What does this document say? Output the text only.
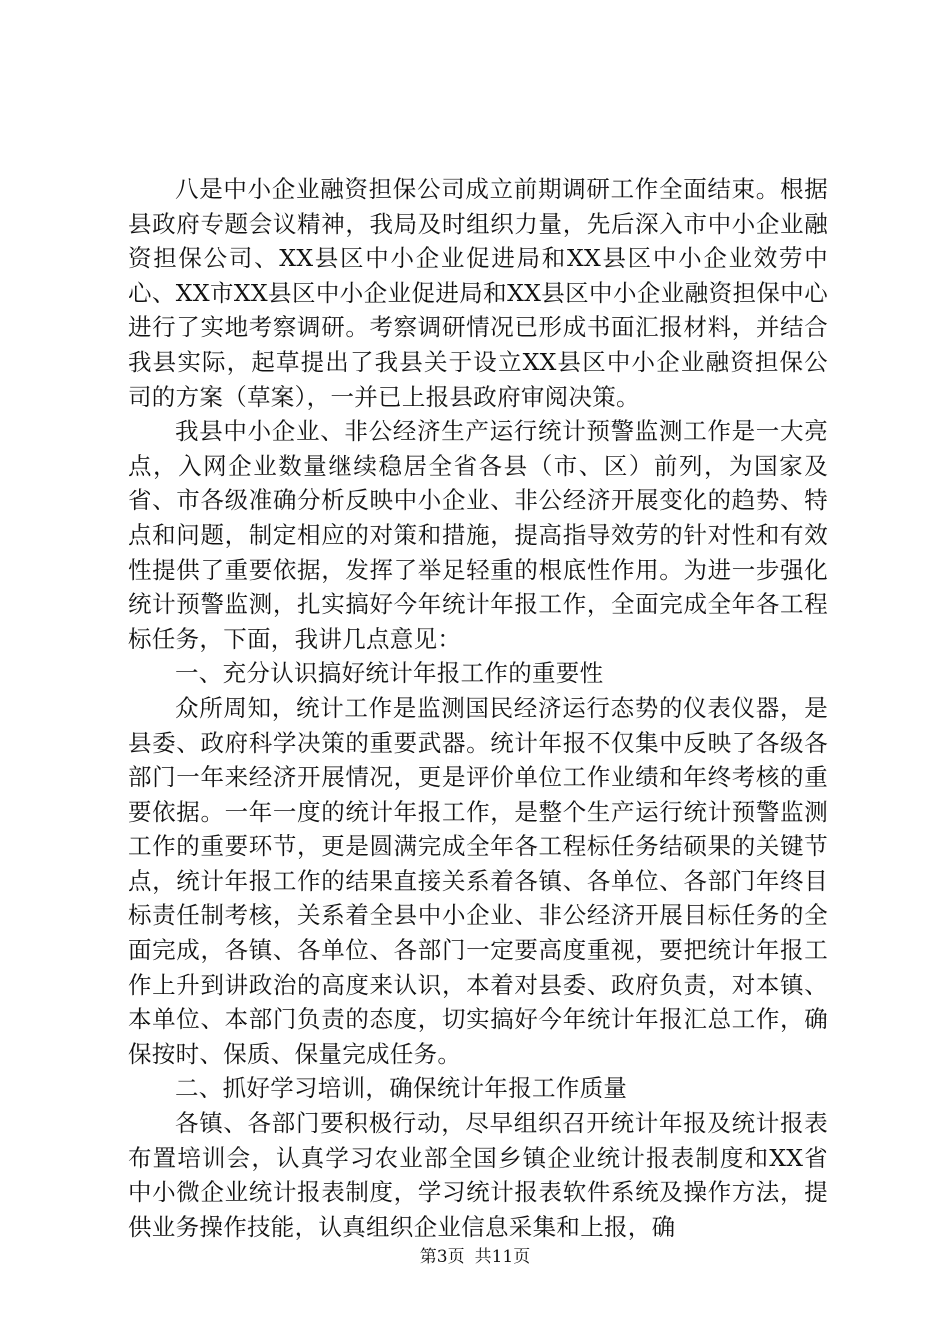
八是中小企业融资担保公司成立前期调研工作全面结束。根据县政府专题会议精神，我局及时组织力量，先后深入市中小企业融资担保公司、XX县区中小企业促进局和XX县区中小企业效劳中心、XX市XX县区中小企业促进局和XX县区中小企业融资担保中心进行了实地考察调研。考察调研情况已形成书面汇报材料，并结合我县实际，起草提出了我县关于设立XX县区中小企业融资担保公司的方案（草案），一并已上报县政府审阅决策。

我县中小企业、非公经济生产运行统计预警监测工作是一大亮点，入网企业数量继续稳居全省各县（市、区）前列，为国家及省、市各级准确分析反映中小企业、非公经济开展变化的趋势、特点和问题，制定相应的对策和措施，提高指导效劳的针对性和有效性提供了重要依据，发挥了举足轻重的根底性作用。为进一步强化统计预警监测，扎实搞好今年统计年报工作，全面完成全年各工程标任务，下面，我讲几点意见：

一、充分认识搞好统计年报工作的重要性

众所周知，统计工作是监测国民经济运行态势的仪表仪器，是县委、政府科学决策的重要武器。统计年报不仅集中反映了各级各部门一年来经济开展情况，更是评价单位工作业绩和年终考核的重要依据。一年一度的统计年报工作，是整个生产运行统计预警监测工作的重要环节，更是圆满完成全年各工程标任务结硕果的关键节点，统计年报工作的结果直接关系着各镇、各单位、各部门年终目标责任制考核，关系着全县中小企业、非公经济开展目标任务的全面完成，各镇、各单位、各部门一定要高度重视，要把统计年报工作上升到讲政治的高度来认识，本着对县委、政府负责，对本镇、本单位、本部门负责的态度，切实搞好今年统计年报汇总工作，确保按时、保质、保量完成任务。

二、抓好学习培训，确保统计年报工作质量

各镇、各部门要积极行动，尽早组织召开统计年报及统计报表布置培训会，认真学习农业部全国乡镇企业统计报表制度和XX省中小微企业统计报表制度，学习统计报表软件系统及操作方法，提供业务操作技能，认真组织企业信息采集和上报，确

第3页 共11页
